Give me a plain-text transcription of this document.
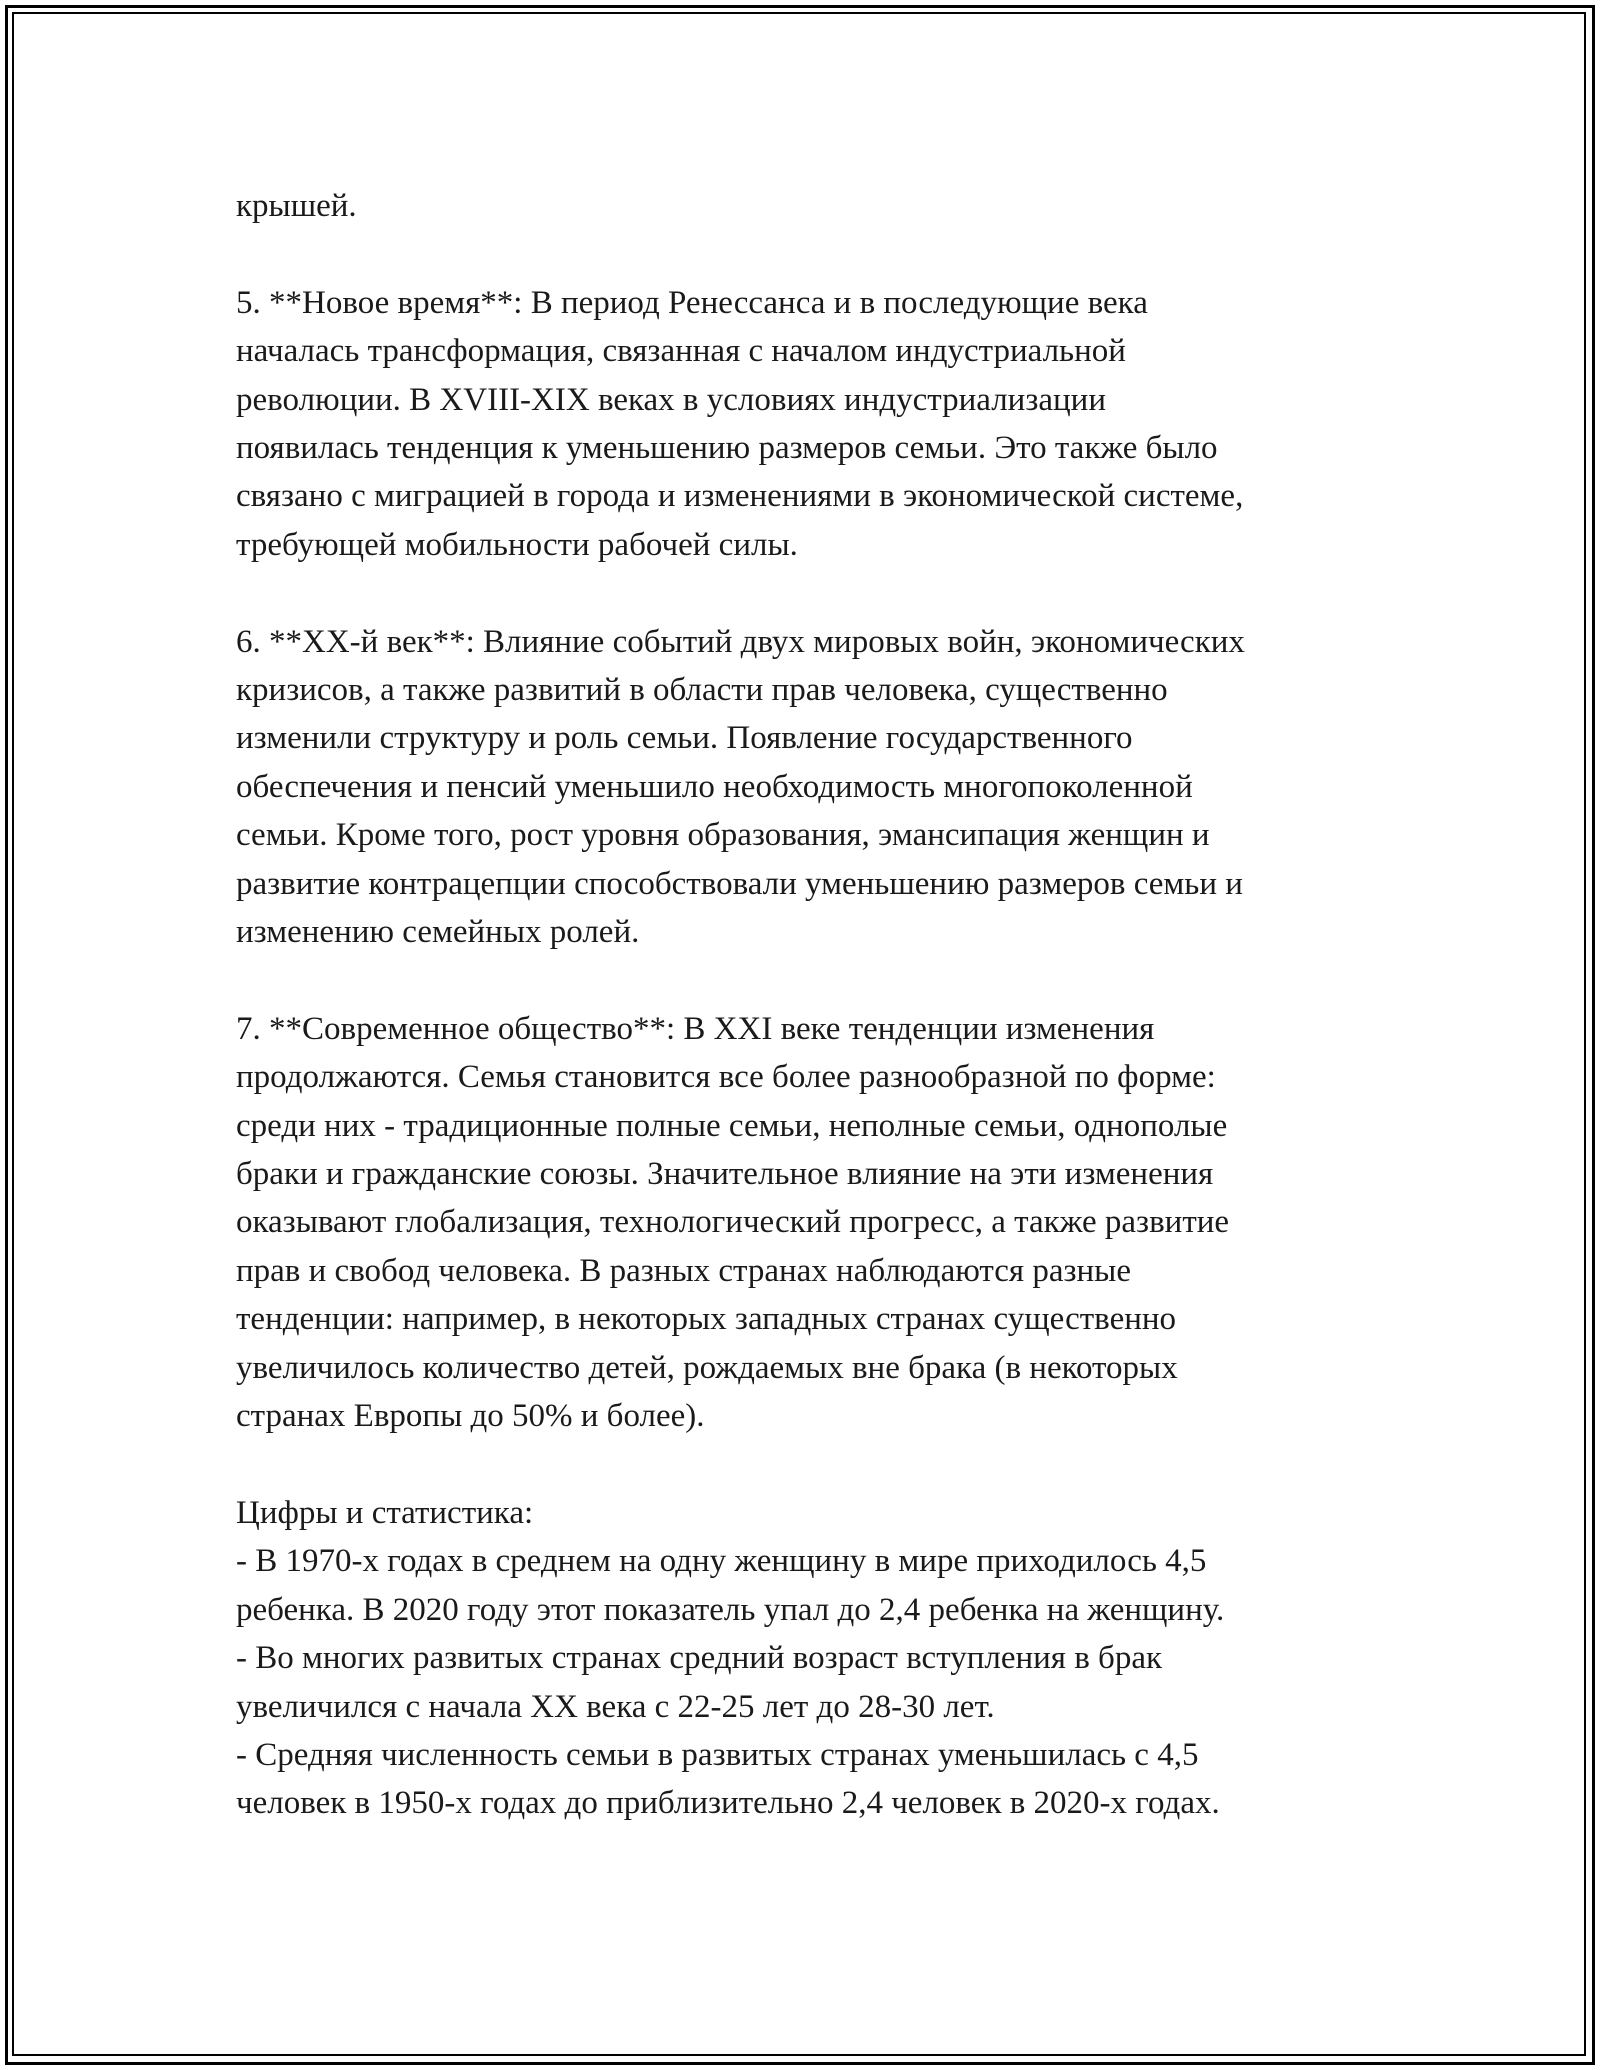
крышей.

5. **Новое время**: В период Ренессанса и в последующие века
началась трансформация, связанная с началом индустриальной
революции. В XVIII-XIX веках в условиях индустриализации
появилась тенденция к уменьшению размеров семьи. Это также было
связано с миграцией в города и изменениями в экономической системе,
требующей мобильности рабочей силы.

6. **XX-й век**: Влияние событий двух мировых войн, экономических
кризисов, а также развитий в области прав человека, существенно
изменили структуру и роль семьи. Появление государственного
обеспечения и пенсий уменьшило необходимость многопоколенной
семьи. Кроме того, рост уровня образования, эмансипация женщин и
развитие контрацепции способствовали уменьшению размеров семьи и
изменению семейных ролей.

7. **Современное общество**: В XXI веке тенденции изменения
продолжаются. Семья становится все более разнообразной по форме:
среди них - традиционные полные семьи, неполные семьи, однополые
браки и гражданские союзы. Значительное влияние на эти изменения
оказывают глобализация, технологический прогресс, а также развитие
прав и свобод человека. В разных странах наблюдаются разные
тенденции: например, в некоторых западных странах существенно
увеличилось количество детей, рождаемых вне брака (в некоторых
странах Европы до 50% и более).

Цифры и статистика:
- В 1970-х годах в среднем на одну женщину в мире приходилось 4,5
ребенка. В 2020 году этот показатель упал до 2,4 ребенка на женщину.
- Во многих развитых странах средний возраст вступления в брак
увеличился с начала XX века с 22-25 лет до 28-30 лет.
- Средняя численность семьи в развитых странах уменьшилась с 4,5
человек в 1950-х годах до приблизительно 2,4 человек в 2020-х годах.
